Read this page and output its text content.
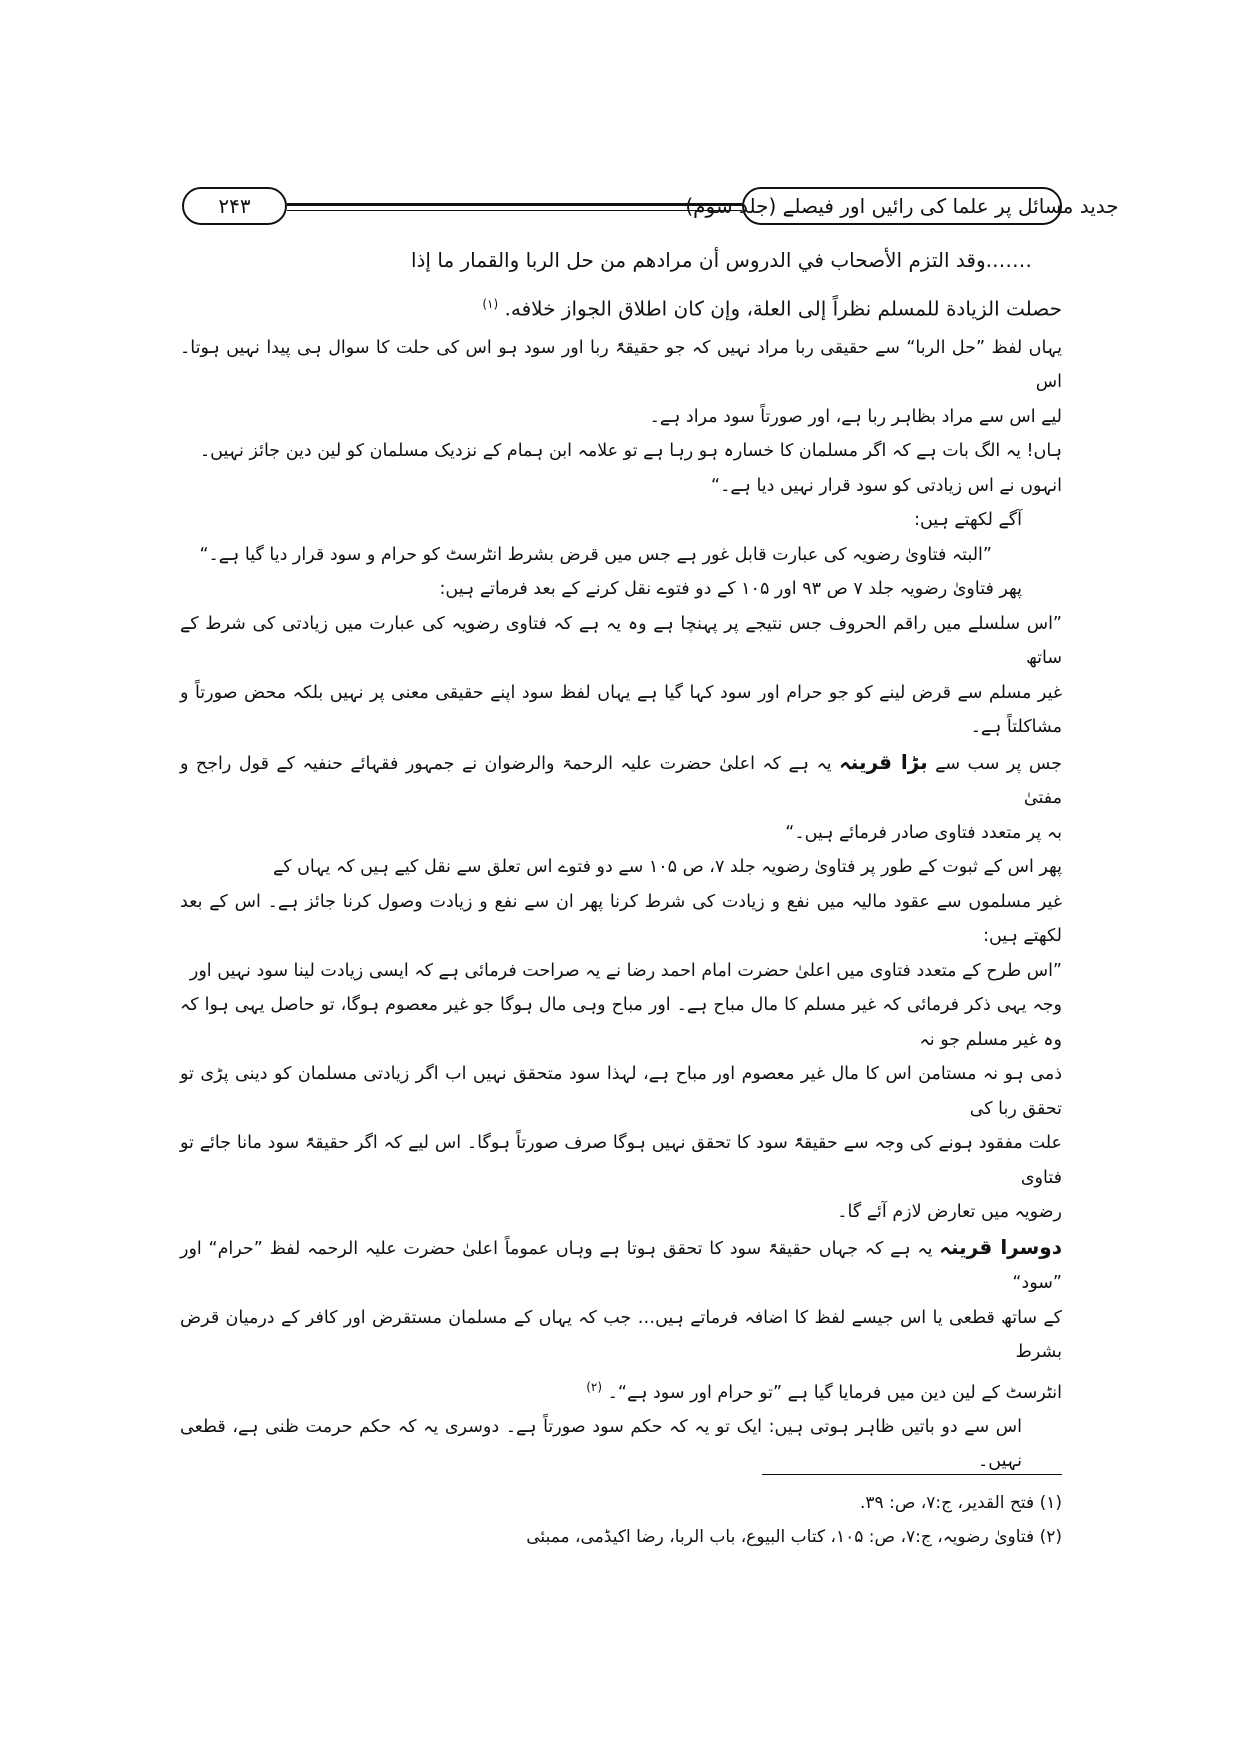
جدید مسائل پر علما کی رائیں اور فیصلے (جلد سوم)
۲۴۳

…….وقد التزم الأصحاب في الدروس أن مرادهم من حل الربا والقمار ما إذا
حصلت الزيادة للمسلم نظراً إلى العلة، وإن كان اطلاق الجواز خلافه. $^{(۱)}$

یہاں لفظ ”حل الربا“ سے حقیقی ربا مراد نہیں کہ جو حقیقۃً ربا اور سود ہو اس کی حلت کا سوال ہی پیدا نہیں ہوتا۔ اس
لیے اس سے مراد بظاہر ربا ہے، اور صورتاً سود مراد ہے۔

ہاں! یہ الگ بات ہے کہ اگر مسلمان کا خسارہ ہو رہا ہے تو علامہ ابن ہمام کے نزدیک مسلمان کو لین دین جائز نہیں۔
انہوں نے اس زیادتی کو سود قرار نہیں دیا ہے۔“

آگے لکھتے ہیں:

”البتہ فتاویٰ رضویہ کی عبارت قابل غور ہے جس میں قرض بشرط انٹرسٹ کو حرام و سود قرار دیا گیا ہے۔“

پھر فتاویٰ رضویہ جلد ۷ ص ۹۳ اور ۱۰۵ کے دو فتوے نقل کرنے کے بعد فرماتے ہیں:

”اس سلسلے میں راقم الحروف جس نتیجے پر پہنچا ہے وہ یہ ہے کہ فتاوی رضویہ کی عبارت میں زیادتی کی شرط کے ساتھ
غیر مسلم سے قرض لینے کو جو حرام اور سود کہا گیا ہے یہاں لفظ سود اپنے حقیقی معنی پر نہیں بلکہ محض صورتاً و مشاکلتاً ہے۔

جس پر سب سے بڑا قرینہ یہ ہے کہ اعلیٰ حضرت علیہ الرحمۃ والرضوان نے جمہور فقہائے حنفیہ کے قول راجح و مفتیٰ
بہ پر متعدد فتاوی صادر فرمائے ہیں۔“

پھر اس کے ثبوت کے طور پر فتاویٰ رضویہ جلد ۷، ص ۱۰۵ سے دو فتوے اس تعلق سے نقل کیے ہیں کہ یہاں کے
غیر مسلموں سے عقود مالیہ میں نفع و زیادت کی شرط کرنا پھر ان سے نفع و زیادت وصول کرنا جائز ہے۔ اس کے بعد لکھتے ہیں:

”اس طرح کے متعدد فتاوی میں اعلیٰ حضرت امام احمد رضا نے یہ صراحت فرمائی ہے کہ ایسی زیادت لینا سود نہیں اور
وجہ یہی ذکر فرمائی کہ غیر مسلم کا مال مباح ہے۔ اور مباح وہی مال ہوگا جو غیر معصوم ہوگا، تو حاصل یہی ہوا کہ وہ غیر مسلم جو نہ
ذمی ہو نہ مستامن اس کا مال غیر معصوم اور مباح ہے، لہذا سود متحقق نہیں اب اگر زیادتی مسلمان کو دینی پڑی تو تحقق ربا کی
علت مفقود ہونے کی وجہ سے حقیقۃً سود کا تحقق نہیں ہوگا صرف صورتاً ہوگا۔ اس لیے کہ اگر حقیقۃً سود مانا جائے تو فتاوی
رضویہ میں تعارض لازم آئے گا۔

دوسرا قرینہ یہ ہے کہ جہاں حقیقۃً سود کا تحقق ہوتا ہے وہاں عموماً اعلیٰ حضرت علیہ الرحمہ لفظ ”حرام“ اور ”سود“
کے ساتھ قطعی یا اس جیسے لفظ کا اضافہ فرماتے ہیں… جب کہ یہاں کے مسلمان مستقرض اور کافر کے درمیان قرض بشرط
انٹرسٹ کے لین دین میں فرمایا گیا ہے ”تو حرام اور سود ہے“۔ $^{(۲)}$

اس سے دو باتیں ظاہر ہوتی ہیں: ایک تو یہ کہ حکم سود صورتاً ہے۔ دوسری یہ کہ حکم حرمت ظنی ہے، قطعی نہیں۔

(۱) فتح القدیر، ج:۷، ص: ۳۹.

(۲) فتاویٰ رضویہ، ج:۷، ص: ۱۰۵، کتاب البیوع، باب الربا، رضا اکیڈمی، ممبئی
